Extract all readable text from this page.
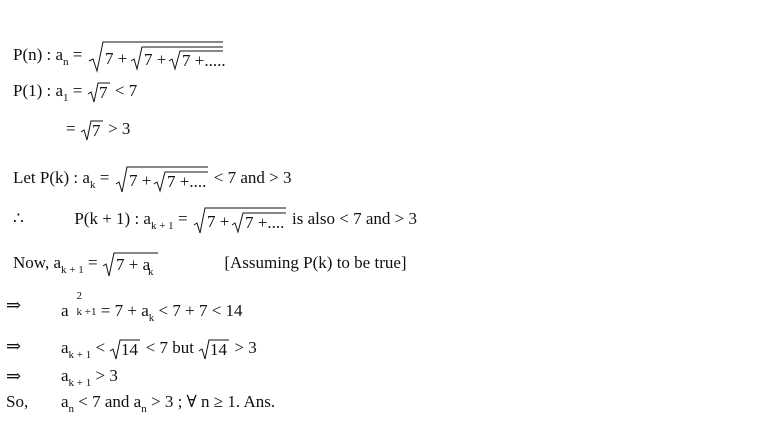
P(n) : $a_n = 7 + 7 + 7$ +.....
P(1) : $a_1 = 7 < 7$
= 7 > 3
Let P(k) : $a_k = 7 + 7$ +.... < 7 and > 3
∴	P(k + 1) : $a_{k + 1} = 7 + 7$ +.... is also < 7 and > 3
Now, $a_{k + 1} = 7 + a$
k
[Assuming P(k) to be true]
⇒ a
2
$k +1 = 7 + a_k < 7 + 7 < 14$
⇒ $a_{k + 1} < 14 < 7$ but 14 > 3
⇒ $a_{k + 1} > 3$
So, $a_n < 7$ and $a_n > 3$ ; ∀ n ≥ 1. Ans.
